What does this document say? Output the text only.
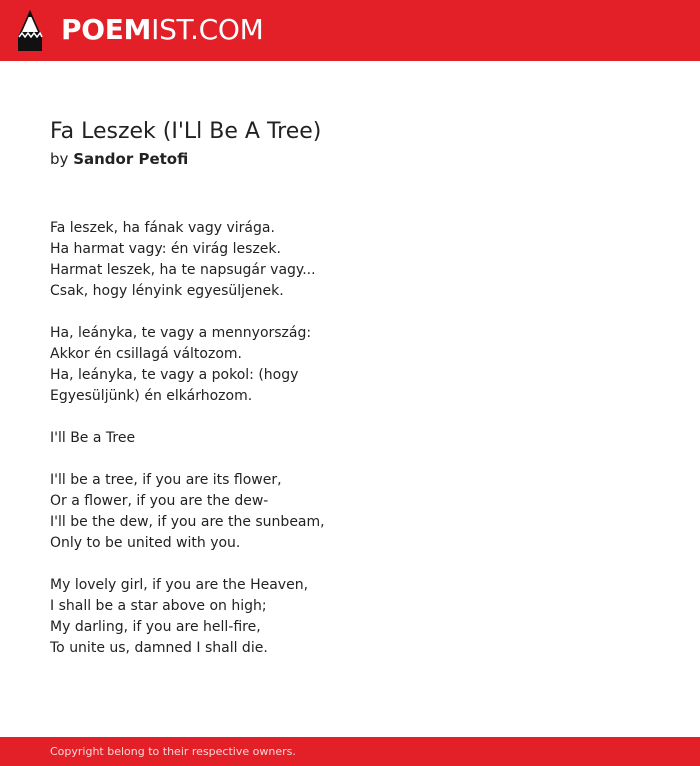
POEMIST.COM
Fa Leszek (I'Ll Be A Tree)
by Sandor Petofi

Fa leszek, ha fának vagy virága.
Ha harmat vagy: én virág leszek.
Harmat leszek, ha te napsugár vagy...
Csak, hogy lényink egyesüljenek.

Ha, leányka, te vagy a mennyország:
Akkor én csillagá változom.
Ha, leányka, te vagy a pokol: (hogy
Egyesüljünk) én elkárhozom.

I'll Be a Tree

I'll be a tree, if you are its flower,
Or a flower, if you are the dew-
I'll be the dew, if you are the sunbeam,
Only to be united with you.

My lovely girl, if you are the Heaven,
I shall be a star above on high;
My darling, if you are hell-fire,
To unite us, damned I shall die.

Copyright belong to their respective owners.
